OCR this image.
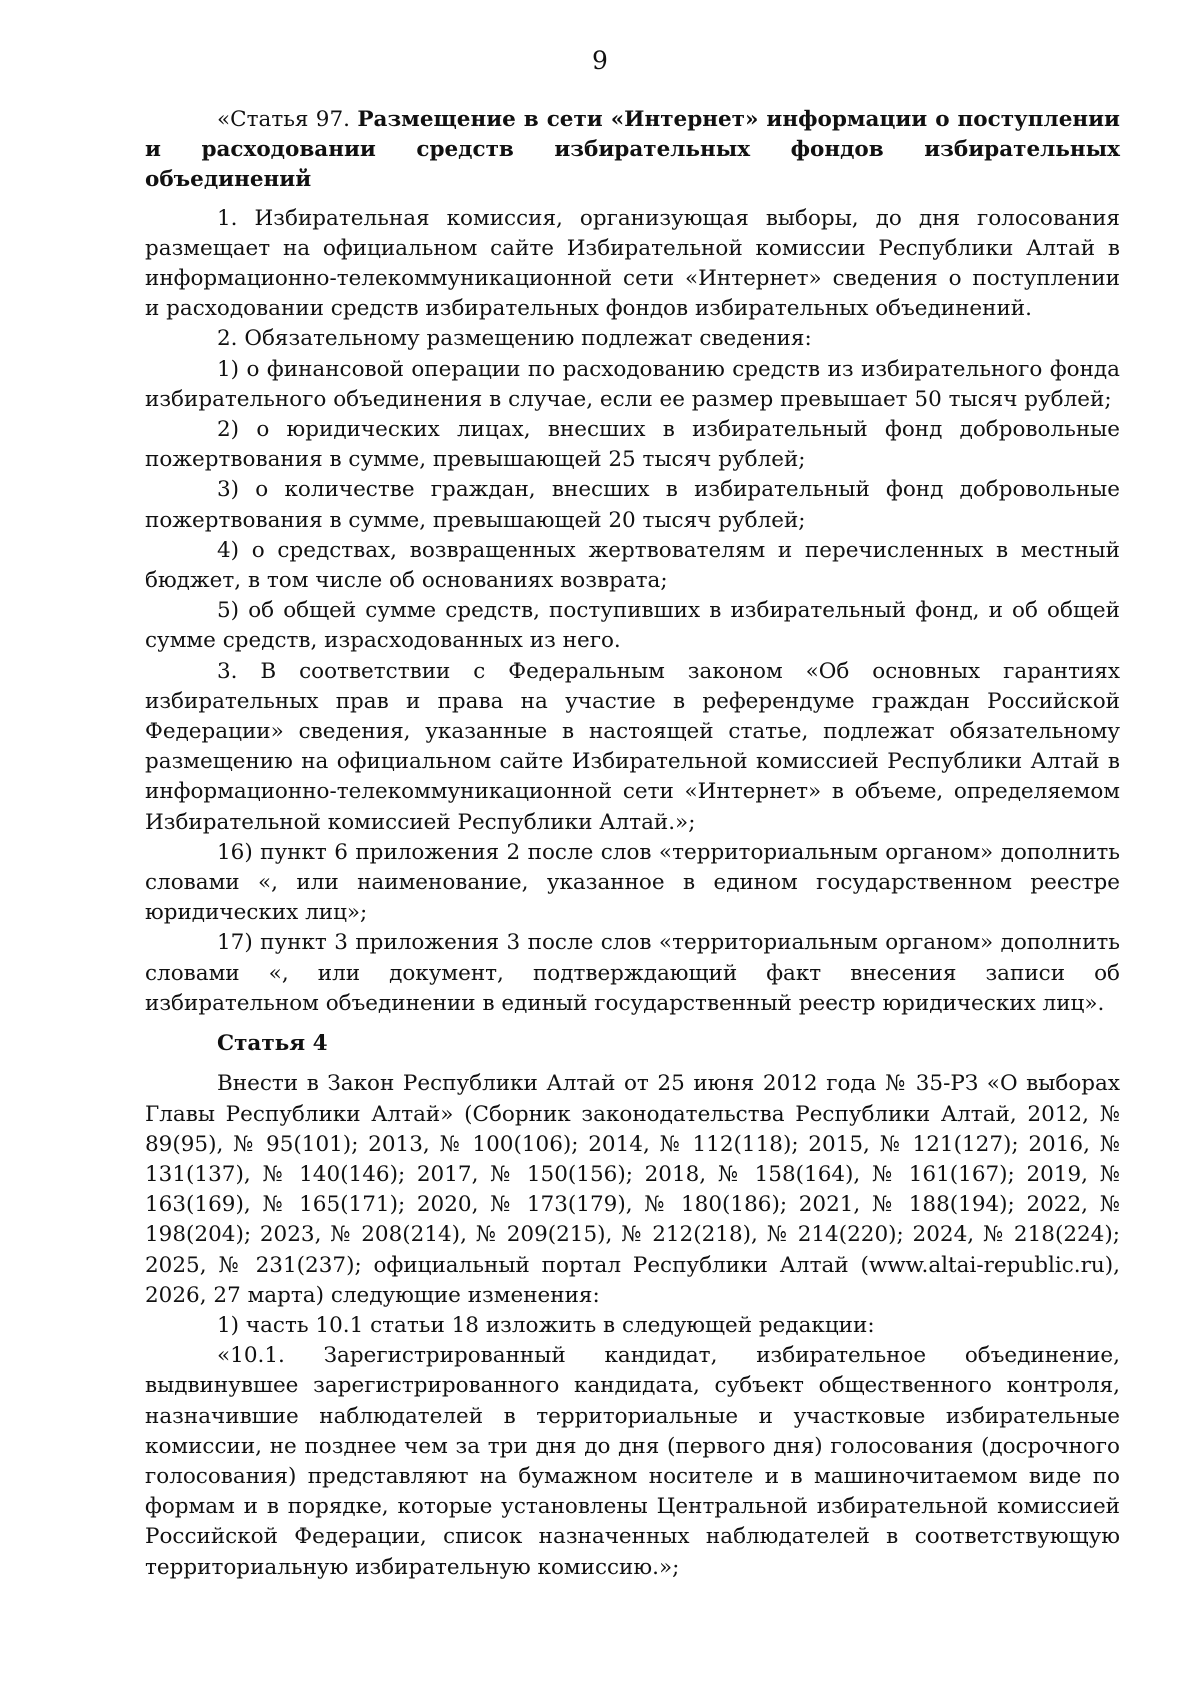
9

«Статья 97. Размещение в сети «Интернет» информации о поступлении и расходовании средств избирательных фондов избирательных объединений

1. Избирательная комиссия, организующая выборы, до дня голосования размещает на официальном сайте Избирательной комиссии Республики Алтай в информационно-телекоммуникационной сети «Интернет» сведения о поступлении и расходовании средств избирательных фондов избирательных объединений.

2. Обязательному размещению подлежат сведения:

1) о финансовой операции по расходованию средств из избирательного фонда избирательного объединения в случае, если ее размер превышает 50 тысяч рублей;

2) о юридических лицах, внесших в избирательный фонд добровольные пожертвования в сумме, превышающей 25 тысяч рублей;

3) о количестве граждан, внесших в избирательный фонд добровольные пожертвования в сумме, превышающей 20 тысяч рублей;

4) о средствах, возвращенных жертвователям и перечисленных в местный бюджет, в том числе об основаниях возврата;

5) об общей сумме средств, поступивших в избирательный фонд, и об общей сумме средств, израсходованных из него.

3. В соответствии с Федеральным законом «Об основных гарантиях избирательных прав и права на участие в референдуме граждан Российской Федерации» сведения, указанные в настоящей статье, подлежат обязательному размещению на официальном сайте Избирательной комиссией Республики Алтай в информационно-телекоммуникационной сети «Интернет» в объеме, определяемом Избирательной комиссией Республики Алтай.»;

16) пункт 6 приложения 2 после слов «территориальным органом» дополнить словами «, или наименование, указанное в едином государственном реестре юридических лиц»;

17) пункт 3 приложения 3 после слов «территориальным органом» дополнить словами «, или документ, подтверждающий факт внесения записи об избирательном объединении в единый государственный реестр юридических лиц».

Статья 4

Внести в Закон Республики Алтай от 25 июня 2012 года № 35-РЗ «О выборах Главы Республики Алтай» (Сборник законодательства Республики Алтай, 2012, № 89(95), № 95(101); 2013, № 100(106); 2014, № 112(118); 2015, № 121(127); 2016, № 131(137), № 140(146); 2017, № 150(156); 2018, № 158(164), № 161(167); 2019, № 163(169), № 165(171); 2020, № 173(179), № 180(186); 2021, № 188(194); 2022, № 198(204); 2023, № 208(214), № 209(215), № 212(218), № 214(220); 2024, № 218(224); 2025, № 231(237); официальный портал Республики Алтай (www.altai-republic.ru), 2026, 27 марта) следующие изменения:

1) часть 10.1 статьи 18 изложить в следующей редакции:

«10.1. Зарегистрированный кандидат, избирательное объединение, выдвинувшее зарегистрированного кандидата, субъект общественного контроля, назначившие наблюдателей в территориальные и участковые избирательные комиссии, не позднее чем за три дня до дня (первого дня) голосования (досрочного голосования) представляют на бумажном носителе и в машиночитаемом виде по формам и в порядке, которые установлены Центральной избирательной комиссией Российской Федерации, список назначенных наблюдателей в соответствующую территориальную избирательную комиссию.»;
